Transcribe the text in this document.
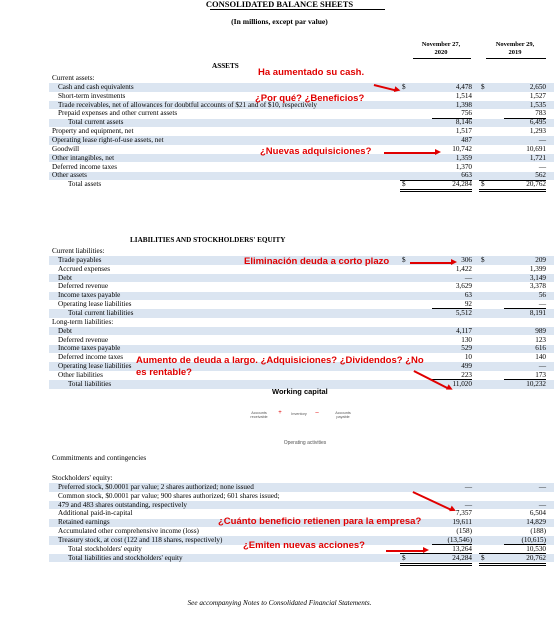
CONSOLIDATED BALANCE SHEETS
(In millions, except par value)
November 27,
2020
November 29,
2019
ASSETS
Current assets:
Cash and cash equivalents	4,478	2,650
$	$
Short-term investments	1,514	1,527
Trade receivables, net of allowances for doubtful accounts of $21 and of $10, respectively	1,398	1,535
Prepaid expenses and other current assets	756	783
Total current assets	8,146	6,495
Property and equipment, net	1,517	1,293
Operating lease right-of-use assets, net	487	—
Goodwill	10,742	10,691
Other intangibles, net	1,359	1,721
Deferred income taxes	1,370	—
Other assets	663	562
Total assets	24,284	20,762
$	$
LIABILITIES AND STOCKHOLDERS' EQUITY
Current liabilities:
Trade payables	306	209
$	$
Accrued expenses	1,422	1,399
Debt	—	3,149
Deferred revenue	3,629	3,378
Income taxes payable	63	56
Operating lease liabilities	92	—
Total current liabilities	5,512	8,191
Long-term liabilities:
Debt	4,117	989
Deferred revenue	130	123
Income taxes payable	529	616
Deferred income taxes	10	140
Operating lease liabilities	499	—
Other liabilities	223	173
Total liabilities	11,020	10,232
Commitments and contingencies
Stockholders' equity:
Preferred stock, $0.0001 par value; 2 shares authorized; none issued	—	—
Common stock, $0.0001 par value; 900 shares authorized; 601 shares issued;
479 and 483 shares outstanding, respectively	—	—
Additional paid-in-capital	7,357	6,504
Retained earnings	19,611	14,829
Accumulated other comprehensive income (loss)	(158)	(188)
Treasury stock, at cost (122 and 118 shares, respectively)	(13,546)	(10,615)
Total stockholders' equity	13,264	10,530
Total liabilities and stockholders' equity	24,284	20,762
$	$
See accompanying Notes to Consolidated Financial Statements.
Working capital
Accounts receivable
+	Inventory	–	Accounts payable
Operating activities
Ha aumentado su cash.
¿Por qué? ¿Beneficios?
¿Nuevas adquisiciones?
Eliminación deuda a corto plazo
Aumento de deuda a largo. ¿Adquisiciones? ¿Dividendos? ¿No
es rentable?
¿Cuánto beneficio retienen para la empresa?
¿Emiten nuevas acciones?
